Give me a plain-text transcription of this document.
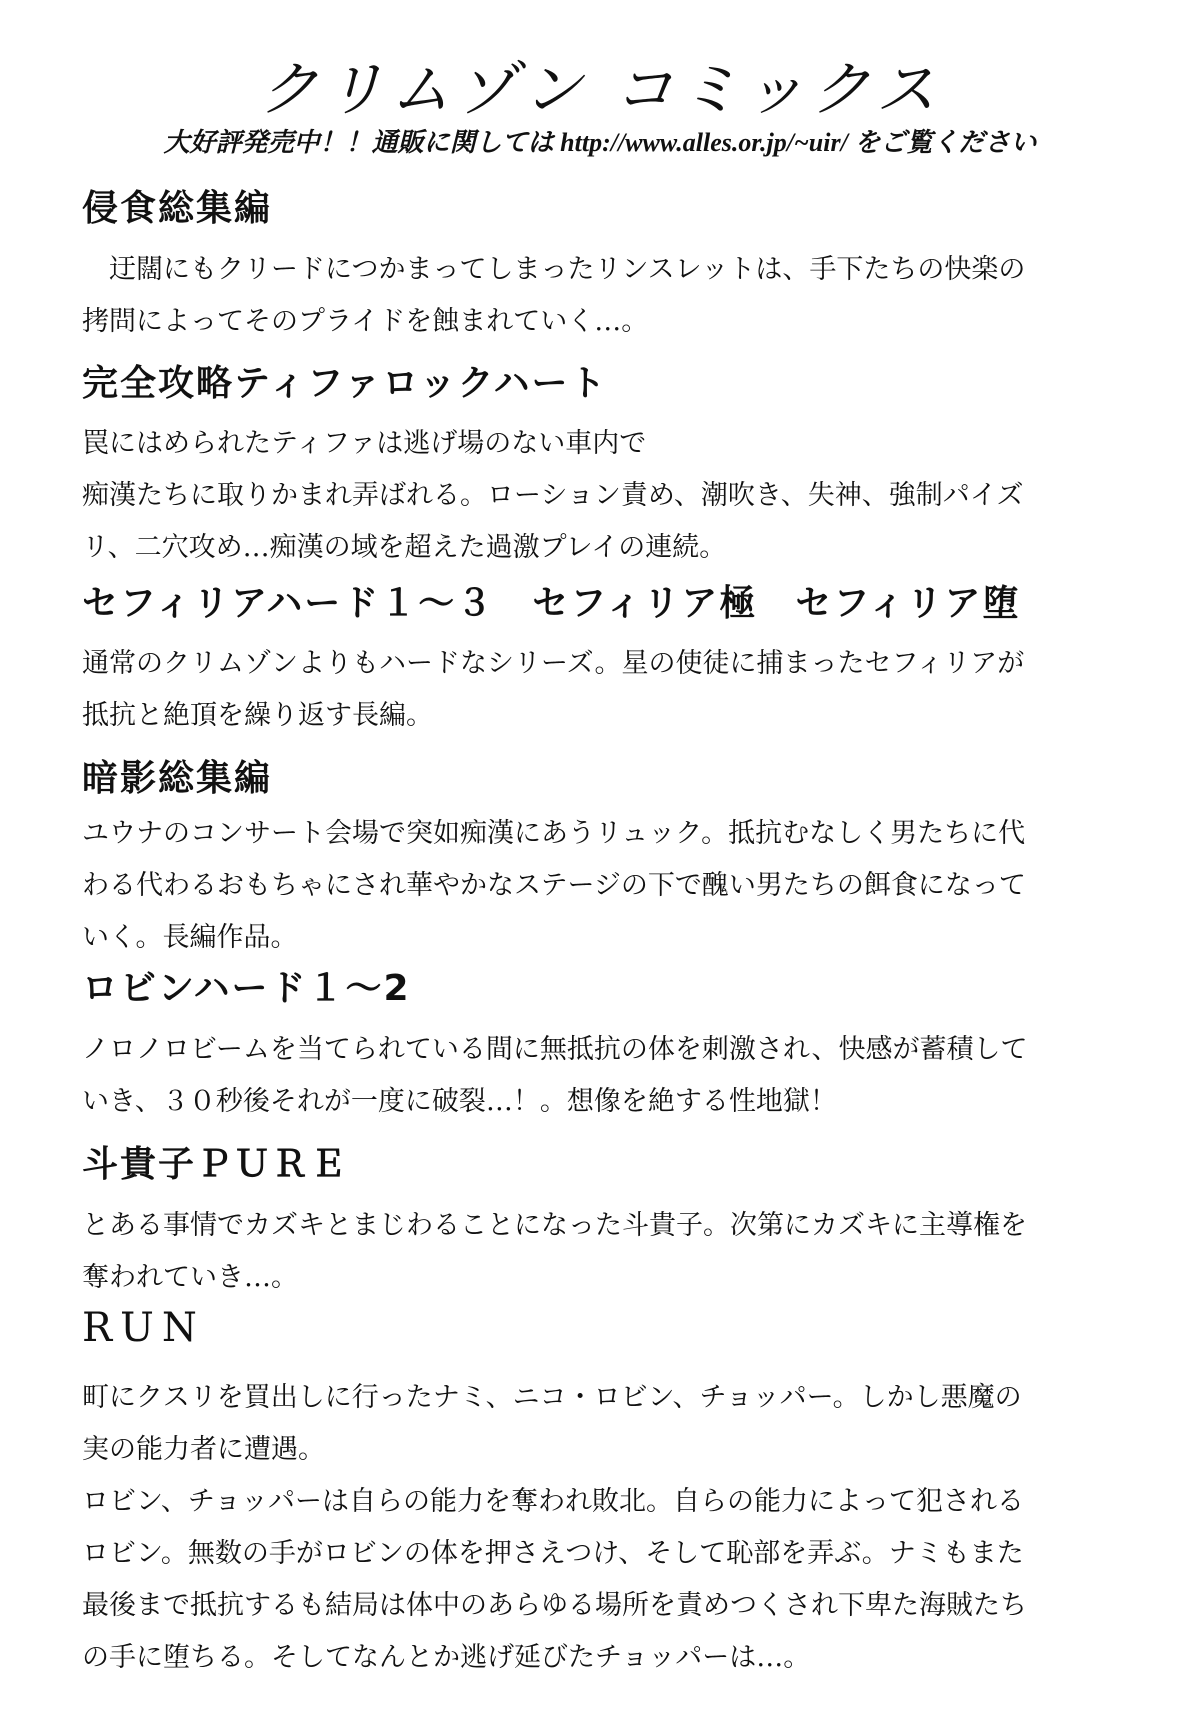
クリムゾン コミックス
大好評発売中！！通販に関しては http://www.alles.or.jp/~uir/ をご覧ください
侵食総集編
　迂闊にもクリードにつかまってしまったリンスレットは、手下たちの快楽の
拷問によってそのプライドを蝕まれていく…。
完全攻略ティファロックハート
罠にはめられたティファは逃げ場のない車内で
痴漢たちに取りかまれ弄ばれる。ローション責め、潮吹き、失神、強制パイズ
リ、二穴攻め…痴漢の域を超えた過激プレイの連続。
セフィリアハード１～３　セフィリア極　セフィリア堕
通常のクリムゾンよりもハードなシリーズ。星の使徒に捕まったセフィリアが
抵抗と絶頂を繰り返す長編。
暗影総集編
ユウナのコンサート会場で突如痴漢にあうリュック。抵抗むなしく男たちに代
わる代わるおもちゃにされ華やかなステージの下で醜い男たちの餌食になって
いく。長編作品。
ロビンハード１～2
ノロノロビームを当てられている間に無抵抗の体を刺激され、快感が蓄積して
いき、３０秒後それが一度に破裂…！。想像を絶する性地獄！
斗貴子ＰＵＲＥ
とある事情でカズキとまじわることになった斗貴子。次第にカズキに主導権を
奪われていき…。
RUN
町にクスリを買出しに行ったナミ、ニコ・ロビン、チョッパー。しかし悪魔の
実の能力者に遭遇。
ロビン、チョッパーは自らの能力を奪われ敗北。自らの能力によって犯される
ロビン。無数の手がロビンの体を押さえつけ、そして恥部を弄ぶ。ナミもまた
最後まで抵抗するも結局は体中のあらゆる場所を責めつくされ下卑た海賊たち
の手に堕ちる。そしてなんとか逃げ延びたチョッパーは…。
